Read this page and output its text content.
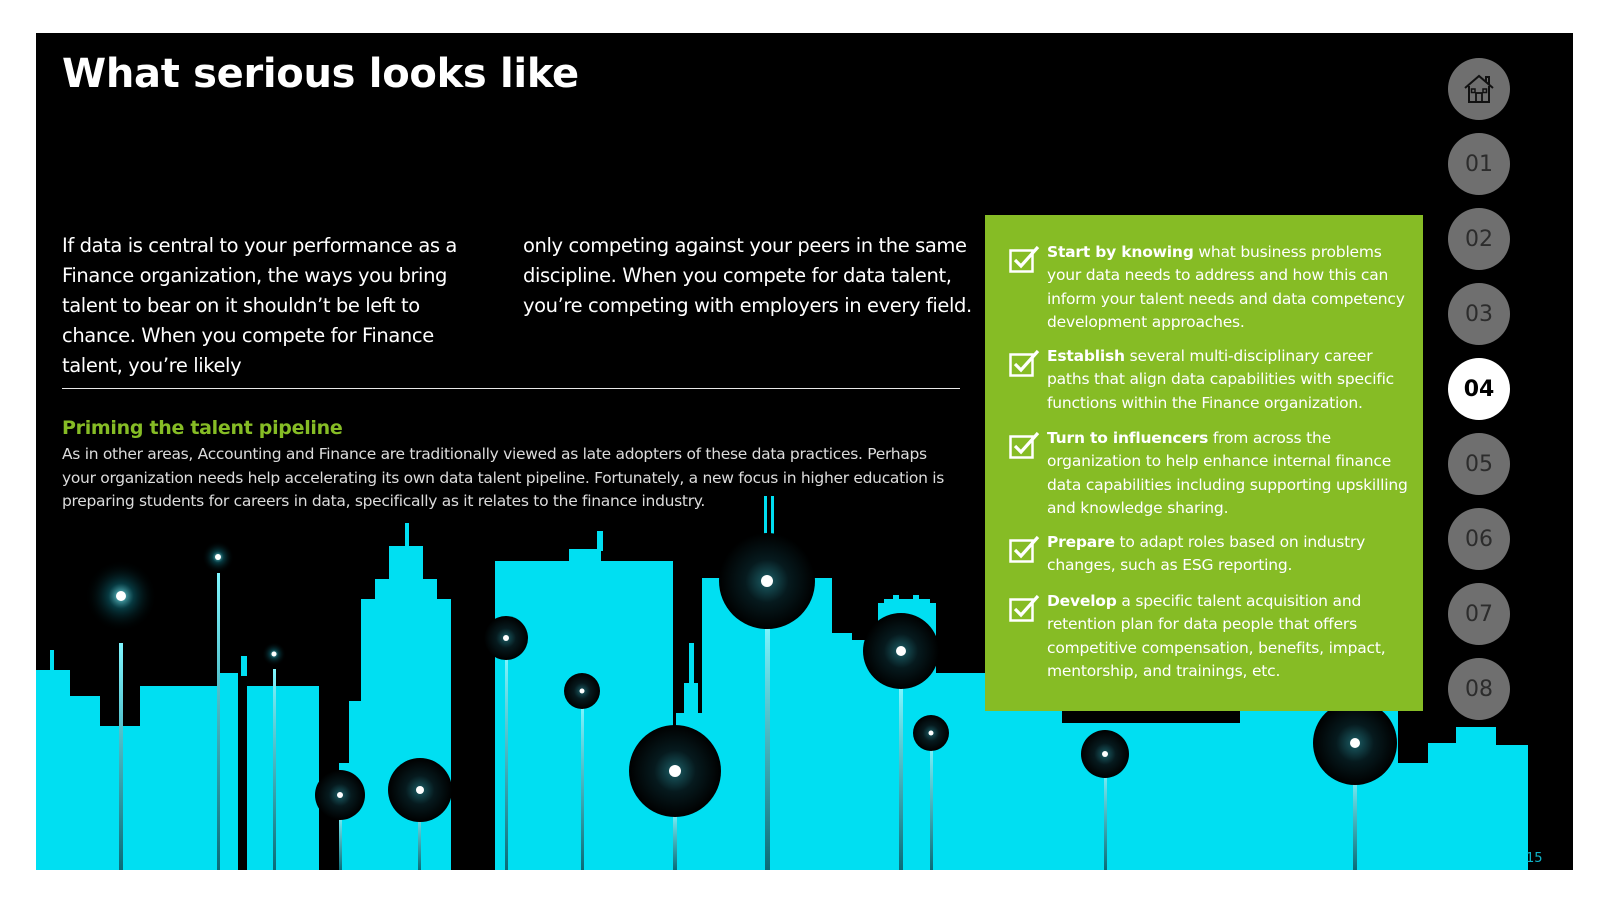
What serious looks like

If data is central to your performance as a Finance organization, the ways you bring talent to bear on it shouldn’t be left to chance. When you compete for Finance talent, you’re likely

only competing against your peers in the same discipline. When you compete for data talent, you’re competing with employers in every field.

Priming the talent pipeline

As in other areas, Accounting and Finance are traditionally viewed as late adopters of these data practices. Perhaps your organization needs help accelerating its own data talent pipeline. Fortunately, a new focus in higher education is preparing students for careers in data, specifically as it relates to the finance industry.

Start by knowing what business problems your data needs to address and how this can inform your talent needs and data competency development approaches.

Establish several multi-disciplinary career paths that align data capabilities with specific functions within the Finance organization.

Turn to influencers from across the organization to help enhance internal finance data capabilities including supporting upskilling and knowledge sharing.

Prepare to adapt roles based on industry changes, such as ESG reporting.

Develop a specific talent acquisition and retention plan for data people that offers competitive compensation, benefits, impact, mentorship, and trainings, etc.

15
01
02
03
04
05
06
07
08
